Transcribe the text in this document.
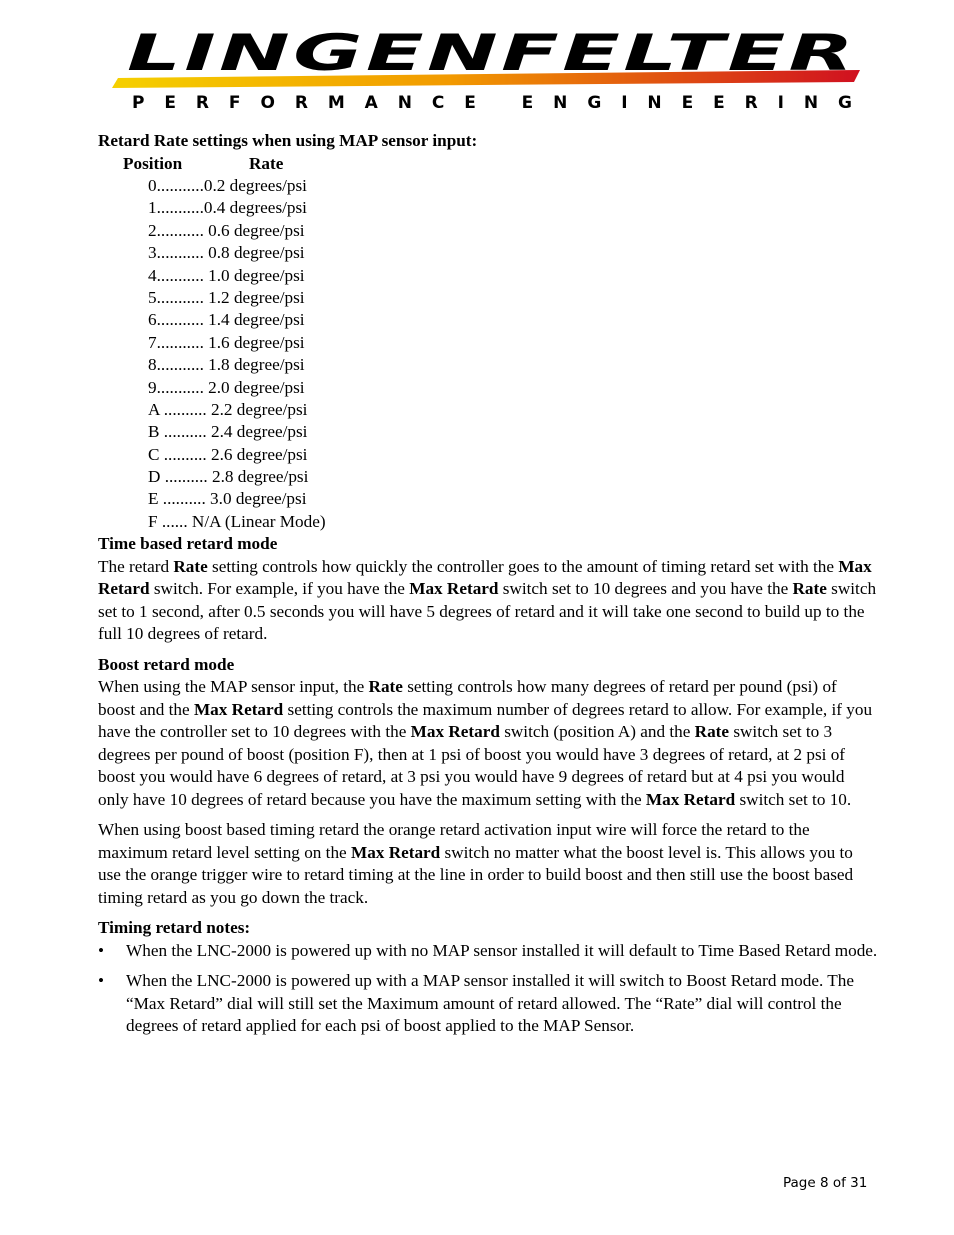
LINGENFELTER
PERFORMANCE ENGINEERING
Retard Rate settings when using MAP sensor input:
Position	Rate
0...........0.2 degrees/psi
1...........0.4 degrees/psi
2........... 0.6 degree/psi
3........... 0.8 degree/psi
4........... 1.0 degree/psi
5........... 1.2 degree/psi
6........... 1.4 degree/psi
7........... 1.6 degree/psi
8........... 1.8 degree/psi
9........... 2.0 degree/psi
A .......... 2.2 degree/psi
B .......... 2.4 degree/psi
C .......... 2.6 degree/psi
D .......... 2.8 degree/psi
E .......... 3.0 degree/psi
F ...... N/A (Linear Mode)
Time based retard mode

The retard Rate setting controls how quickly the controller goes to the amount of timing retard set with the Max Retard switch. For example, if you have the Max Retard switch set to 10 degrees and you have the Rate switch set to 1 second, after 0.5 seconds you will have 5 degrees of retard and it will take one second to build up to the full 10 degrees of retard.

Boost retard mode

When using the MAP sensor input, the Rate setting controls how many degrees of retard per pound (psi) of boost and the Max Retard setting controls the maximum number of degrees retard to allow. For example, if you have the controller set to 10 degrees with the Max Retard switch (position A) and the Rate switch set to 3 degrees per pound of boost (position F), then at 1 psi of boost you would have 3 degrees of retard, at 2 psi of boost you would have 6 degrees of retard, at 3 psi you would have 9 degrees of retard but at 4 psi you would only have 10 degrees of retard because you have the maximum setting with the Max Retard switch set to 10.

When using boost based timing retard the orange retard activation input wire will force the retard to the maximum retard level setting on the Max Retard switch no matter what the boost level is. This allows you to use the orange trigger wire to retard timing at the line in order to build boost and then still use the boost based timing retard as you go down the track.

Timing retard notes:
• When the LNC-2000 is powered up with no MAP sensor installed it will default to Time Based Retard mode.
• When the LNC-2000 is powered up with a MAP sensor installed it will switch to Boost Retard mode. The “Max Retard” dial will still set the Maximum amount of retard allowed. The “Rate” dial will control the degrees of retard applied for each psi of boost applied to the MAP Sensor.
Page 8 of 31
